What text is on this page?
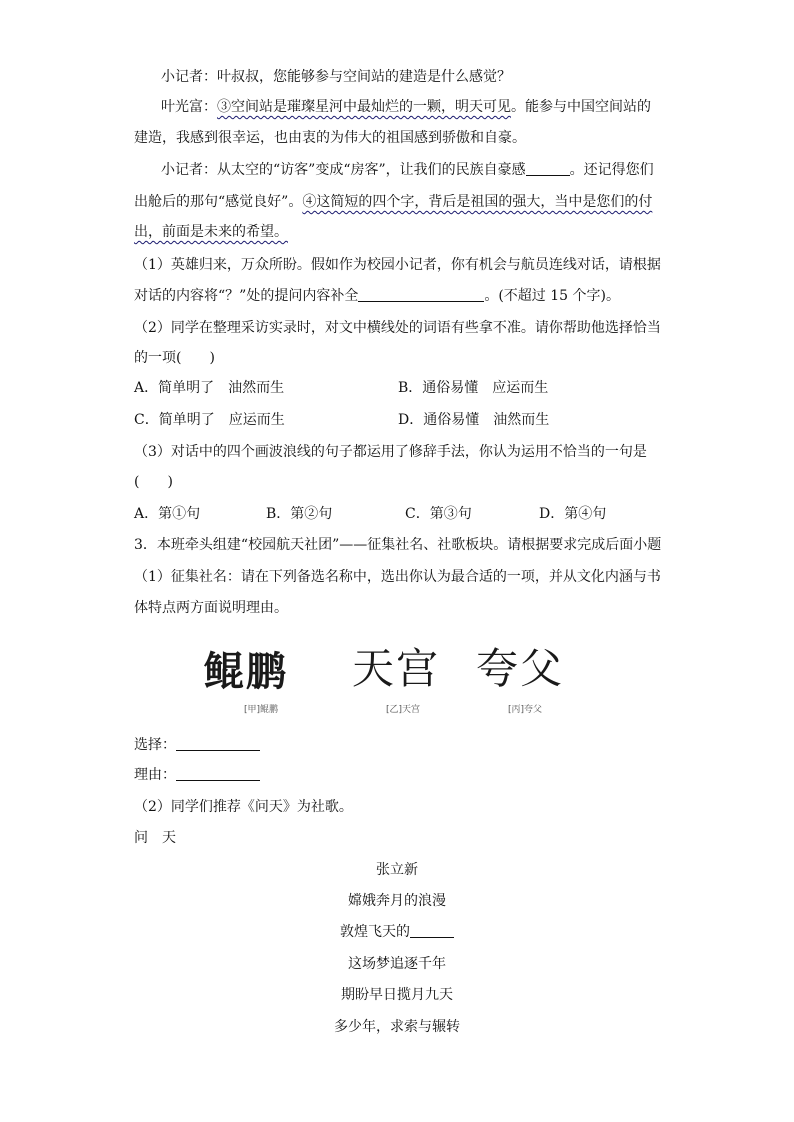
小记者：叶叔叔，您能够参与空间站的建造是什么感觉？
叶光富：③空间站是璀璨星河中最灿烂的一颗，明天可见。能参与中国空间站的
建造，我感到很幸运，也由衷的为伟大的祖国感到骄傲和自豪。
小记者：从太空的“访客”变成“房客”，让我们的民族自豪感	。还记得您们
出舱后的那句“感觉良好”。④这简短的四个字，背后是祖国的强大，当中是您们的付
出，前面是未来的希望。
（1）英雄归来，万众所盼。假如作为校园小记者，你有机会与航员连线对话，请根据
对话的内容将“？”处的提问内容补全	。(不超过 15 个字)。
（2）同学在整理采访实录时，对文中横线处的词语有些拿不准。请你帮助他选择恰当
的一项(　　)
A．简单明了　油然而生	B．通俗易懂　应运而生
C．简单明了　应运而生	D．通俗易懂　油然而生
（3）对话中的四个画波浪线的句子都运用了修辞手法，你认为运用不恰当的一句是
(　　)
A．第①句	B．第②句	C．第③句	D．第④句
3．本班牵头组建“校园航天社团”——征集社名、社歌板块。请根据要求完成后面小题
（1）征集社名：请在下列备选名称中，选出你认为最合适的一项，并从文化内涵与书
体特点两方面说明理由。
鲲鹏 天宫 夸父
[甲]鲲鹏	[乙]天宫	[丙]夸父
选择：
理由：
（2）同学们推荐《问天》为社歌。
问　天
张立新
嫦娥奔月的浪漫
敦煌飞天的
这场梦追逐千年
期盼早日揽月九天
多少年，求索与辗转
